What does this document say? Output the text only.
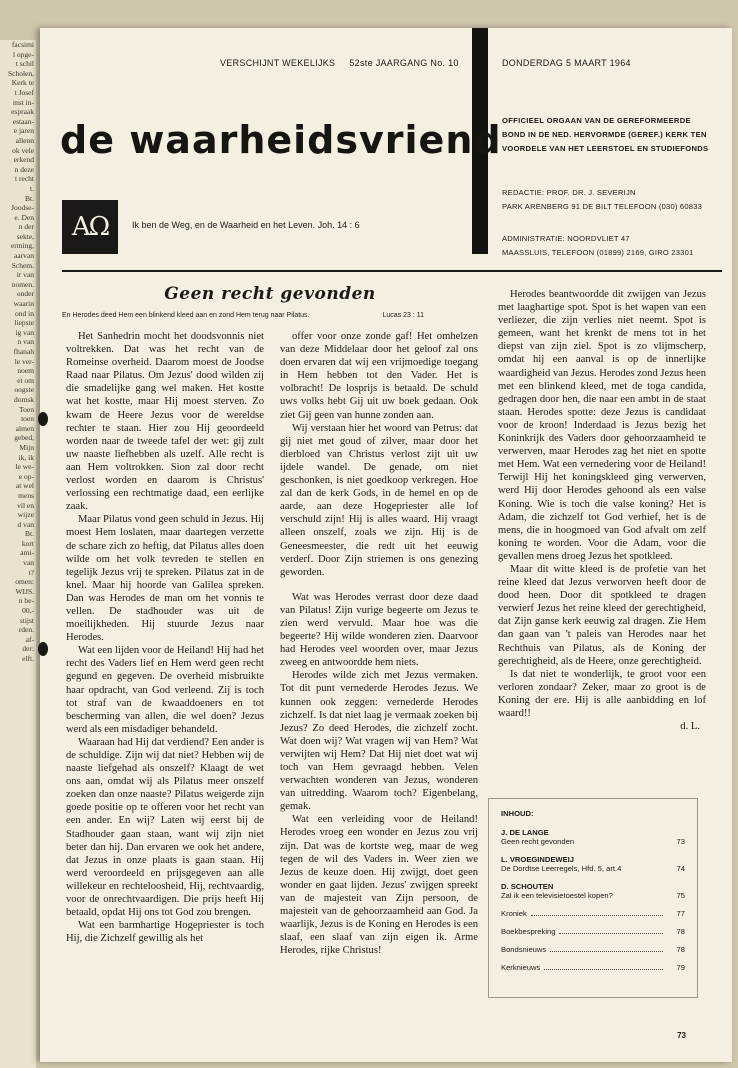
facsimi
l opge-
t schil
Scholen,
Kerk te
t Josef
mst in-
espraak
estaan-
e jaren
allenn
ok vele
erkend
n deze
t recht
t.
Bt.
Joodse-
e. Den
n der
sekte,
erming,
aarvan
Schem.
ir van
nomen.
onder
waarin
ond in
liepste
ig van
n van
fhanah
le ver-
noem
et om
oogste
domsk
Toen
toen
almen
gebed,
Mijn
ik, ik
le we-
e op-
at wel
mens
vil en
wijze
d van
Bt.
kort
ami-
van
t?
omen:
WIJS.
n be-
00,-
stijst
rden.
af-
der:
elft.
VERSCHIJNT WEKELIJKS 52ste JAARGANG No. 10	DONDERDAG 5 MAART 1964
de waarheidsvriend
AΩ	Ik ben de Weg, en de Waarheid en het Leven. Joh. 14 : 6
OFFICIEEL ORGAAN VAN DE GEREFORMEERDE BOND IN DE NED. HERVORMDE (GEREF.) KERK TEN VOORDELE VAN HET LEERSTOEL EN STUDIEFONDS
REDACTIE: PROF. DR. J. SEVERIJN
PARK ARENBERG 91 DE BILT TELEFOON (030) 60833
ADMINISTRATIE: NOORDVLIET 47
MAASSLUIS, TELEFOON (01899) 2169, GIRO 23301
Geen recht gevonden
En Herodes deed Hem een blinkend kleed aan en zond Hem terug naar Pilatus.	Lucas 23 : 11

Het Sanhedrin mocht het doodsvonnis niet voltrekken. Dat was het recht van de Romeinse overheid. Daarom moest de Joodse Raad naar Pilatus. Om Jezus' dood wilden zij die smadelijke gang wel maken. Het kostte wat het kostte, maar Hij moest sterven. Zo kwam de Heere Jezus voor de wereldse rechter te staan. Hier zou Hij geoordeeld worden naar de tweede tafel der wet: gij zult uw naaste liefhebben als uzelf. Alle recht is aan Hem voltrokken. Sion zal door recht verlost worden en daarom is Christus' verlossing een rechtmatige daad, een eerlijke zaak.

Maar Pilatus vond geen schuld in Jezus. Hij moest Hem loslaten, maar daartegen verzette de schare zich zo heftig, dat Pilatus alles doen wilde om het volk tevreden te stellen en tegelijk Jezus vrij te spreken. Pilatus zat in de knel. Maar hij hoorde van Galilea spreken. Dan was Herodes de man om het vonnis te vellen. De stadhouder was uit de moeilijkheden. Hij stuurde Jezus naar Herodes.

Wat een lijden voor de Heiland! Hij had het recht des Vaders lief en Hem werd geen recht gegund en gegeven. De overheid misbruikte haar opdracht, van God verleend. Zij is toch tot straf van de kwaaddoeners en tot bescherming van allen, die wel doen? Jezus werd als een misdadiger behandeld.

Waaraan had Hij dat verdiend? Een ander is de schuldige. Zijn wij dat niet? Hebben wij de naaste liefgehad als onszelf? Klaagt de wet ons aan, omdat wij als Pilatus meer onszelf zoeken dan onze naaste? Pilatus weigerde zijn goede positie op te offeren voor het recht van een ander. En wij? Laten wij eerst bij de Stadhouder gaan staan, want wij zijn niet beter dan hij. Dan ervaren we ook het andere, dat Jezus in onze plaats is gaan staan. Hij werd veroordeeld en prijsgegeven aan alle willekeur en rechteloosheid, Hij, rechtvaardig, voor de onrechtvaardigen. Die prijs heeft Hij betaald, opdat Hij ons tot God zou brengen.

Wat een barmhartige Hogepriester is toch Hij, die Zichzelf gewillig als het

offer voor onze zonde gaf! Het omhelzen van deze Middelaar door het geloof zal ons doen ervaren dat wij een vrijmoedige toegang in Hem hebben tot den Vader. Het is volbracht! De losprijs is betaald. De schuld uws volks hebt Gij uit uw boek gedaan. Ook ziet Gij geen van hunne zonden aan.

Wij verstaan hier het woord van Petrus: dat gij niet met goud of zilver, maar door het dierbloed van Christus verlost zijt uit uw ijdele wandel. De genade, om niet geschonken, is niet goedkoop verkregen. Hoe zal dan de kerk Gods, in de hemel en op de aarde, aan deze Hogepriester alle lof verschuld zijn! Hij is alles waard. Hij vraagt alleen onszelf, zoals we zijn. Hij is de Geneesmeester, die redt uit het eeuwig verderf. Door Zijn striemen is ons genezing geworden.

Wat was Herodes verrast door deze daad van Pilatus! Zijn vurige begeerte om Jezus te zien werd vervuld. Maar hoe was die begeerte? Hij wilde wonderen zien. Daarvoor had Herodes veel woorden over, maar Jezus zweeg en antwoordde hem niets.

Herodes wilde zich met Jezus vermaken. Tot dit punt vernederde Herodes Jezus. We kunnen ook zeggen: vernederde Herodes zichzelf. Is dat niet laag je vermaak zoeken bij Jezus? Zo deed Herodes, die zichzelf zocht. Wat doen wij? Wat vragen wij van Hem? Wat verwijten wij Hem? Dat Hij niet doet wat wij toch van Hem gevraagd hebben. Velen verwachten wonderen van Jezus, wonderen van uitredding. Waarom toch? Eigenbelang, gemak.

Wat een verleiding voor de Heiland! Herodes vroeg een wonder en Jezus zou vrij zijn. Dat was de kortste weg, maar de weg tegen de wil des Vaders in. Weer zien we Jezus de keuze doen. Hij zwijgt, doet geen wonder en gaat lijden. Jezus' zwijgen spreekt van de majesteit van Zijn persoon, de majesteit van de gehoorzaamheid aan God. Ja waarlijk, Jezus is de Koning en Herodes is een slaaf, een slaaf van zijn eigen ik. Arme Herodes, rijke Christus!

Herodes beantwoordde dit zwijgen van Jezus met laaghartige spot. Spot is het wapen van een verliezer, die zijn verlies niet neemt. Spot is gemeen, want het krenkt de mens tot in het diepst van zijn ziel. Spot is zo vlijmscherp, omdat hij een aanval is op de innerlijke waardigheid van Jezus. Herodes zond Jezus heen met een blinkend kleed, met de toga candida, gedragen door hen, die naar een ambt in de staat staan. Herodes spotte: deze Jezus is candidaat voor de kroon! Inderdaad is Jezus bezig het Koninkrijk des Vaders door gehoorzaamheid te verwerven, maar Herodes zag het niet en spotte met Hem. Wat een vernedering voor de Heiland! Terwijl Hij het koningskleed ging verwerven, werd Hij door Herodes gehoond als een valse Koning. Wie is toch die valse koning? Het is Adam, die zichzelf tot God verhief, het is de mens, die in hoogmoed van God afvalt om zelf koning te worden. Voor die Adam, voor die gevallen mens droeg Jezus het spotkleed.

Maar dit witte kleed is de profetie van het reine kleed dat Jezus verworven heeft door de dood heen. Door dit spotkleed te dragen verwierf Jezus het reine kleed der gerechtigheid, dat Zijn ganse kerk eeuwig zal dragen. Zie Hem dan gaan van 't paleis van Herodes naar het Rechthuis van Pilatus, als de Koning der gerechtigheid, als de Heere, onze gerechtigheid.

Is dat niet te wonderlijk, te groot voor een verloren zondaar? Zeker, maar zo groot is de Koning der ere. Hij is alle aanbidding en lof waard!!

d. L.
INHOUD:
J. DE LANGE
Geen recht gevonden	73
L. VROEGINDEWEIJ
De Dordtse Leerregels, Hfd. 5, art.4	74
D. SCHOUTEN
Zal ik een televisietoestel kopen?	75
Kroniek	77
Boekbespreking	78
Bondsnieuws	78
Kerknieuws	79
73
